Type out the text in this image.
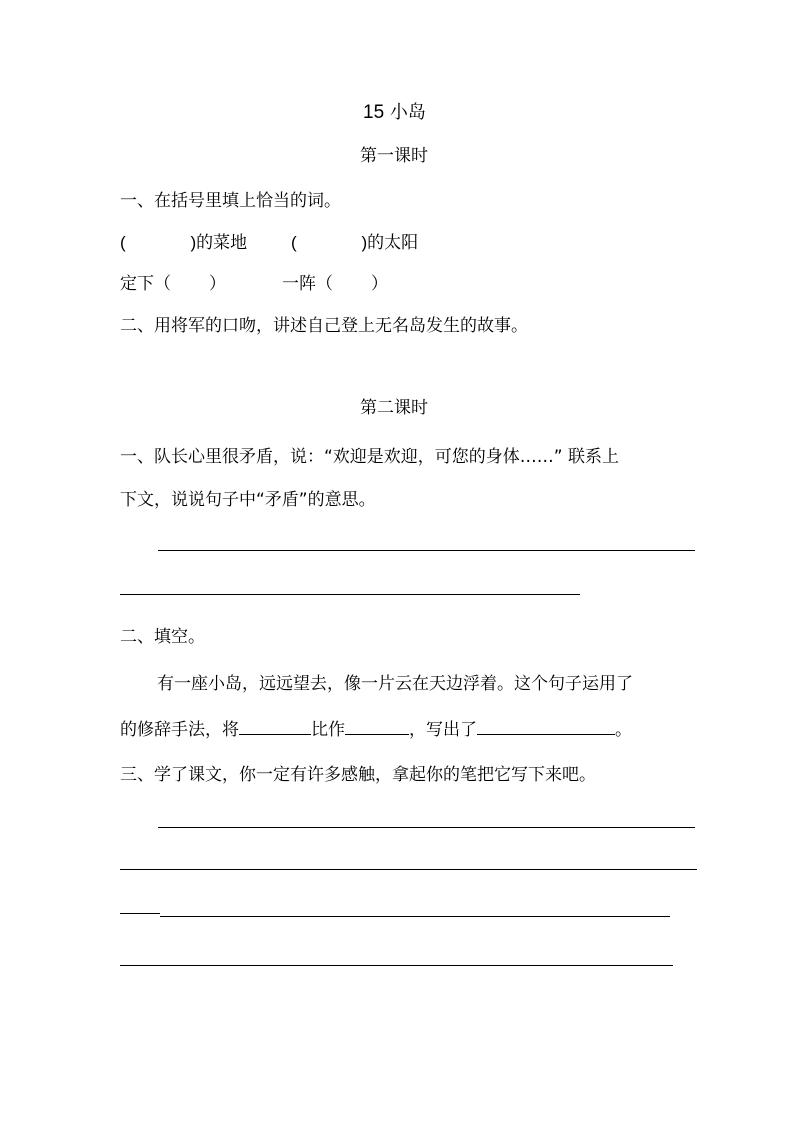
15 小岛
第一课时
一、在括号里填上恰当的词。
(	)的菜地	(	)的太阳
定下（ ）	一阵（ ）
二、用将军的口吻，讲述自己登上无名岛发生的故事。
第二课时
一、队长心里很矛盾，说：“欢迎是欢迎，可您的身体……” 联系上
下文，说说句子中“矛盾”的意思。
二、填空。
有一座小岛，远远望去，像一片云在天边浮着。这个句子运用了
的修辞手法，将	比作	，写出了	。
三、学了课文，你一定有许多感触，拿起你的笔把它写下来吧。
